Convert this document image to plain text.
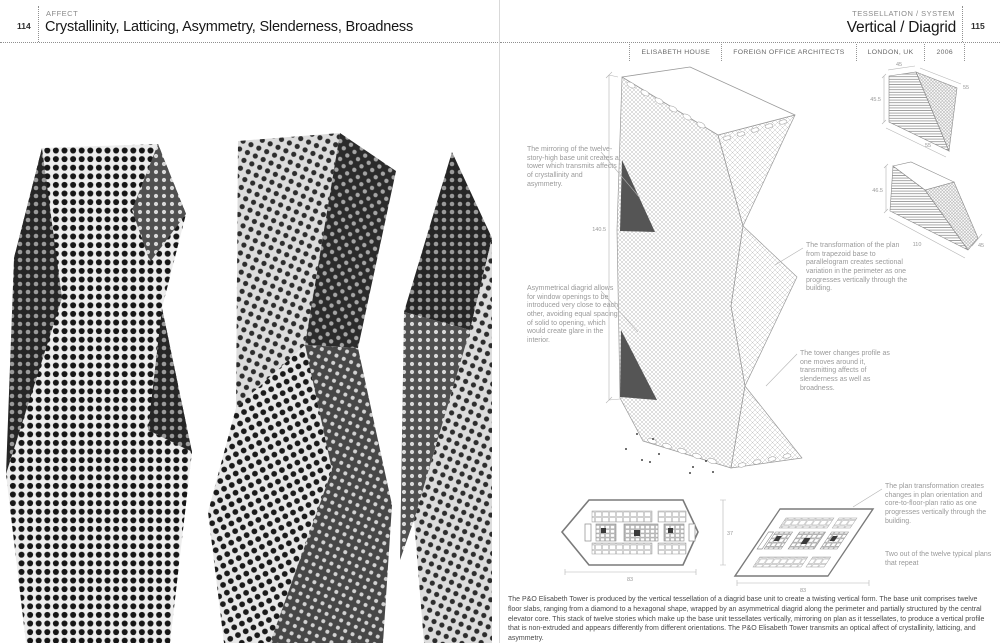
114
AFFECT
Crystallinity, Latticing, Asymmetry, Slenderness, Broadness	115
TESSELLATION / SYSTEM
Vertical / Diagrid
ELISABETH HOUSE	FOREIGN OFFICE ARCHITECTS	LONDON, UK	2006
140.5
45
55
55
45.5
46.5
110	45
83
37
83
The mirroring of the twelve-story-high base unit creates a tower which transmits affects of crystallinity and asymmetry.
Asymmetrical diagrid allows for window openings to be introduced very close to each other, avoiding equal spacing of solid to opening, which would create glare in the interior.
The transformation of the plan from trapezoid base to parallelogram creates sectional variation in the perimeter as one progresses vertically through the building.
The tower changes profile as one moves around it, transmitting affects of slenderness as well as broadness.
The plan transformation creates changes in plan orientation and core-to-floor-plan ratio as one progresses vertically through the building.
Two out of the twelve typical plans that repeat

The P&O Elisabeth Tower is produced by the vertical tessellation of a diagrid base unit to create a twisting vertical form. The base unit comprises twelve floor slabs, ranging from a diamond to a hexagonal shape, wrapped by an asymmetrical diagrid along the perimeter and partially structured by the central elevator core. This stack of twelve stories which make up the base unit tessellates vertically, mirroring on plan as it tessellates, to produce a vertical profile that is non-extruded and appears differently from different orientations. The P&O Elisabeth Tower transmits an optical affect of crystallinity, latticing, and asymmetry.
